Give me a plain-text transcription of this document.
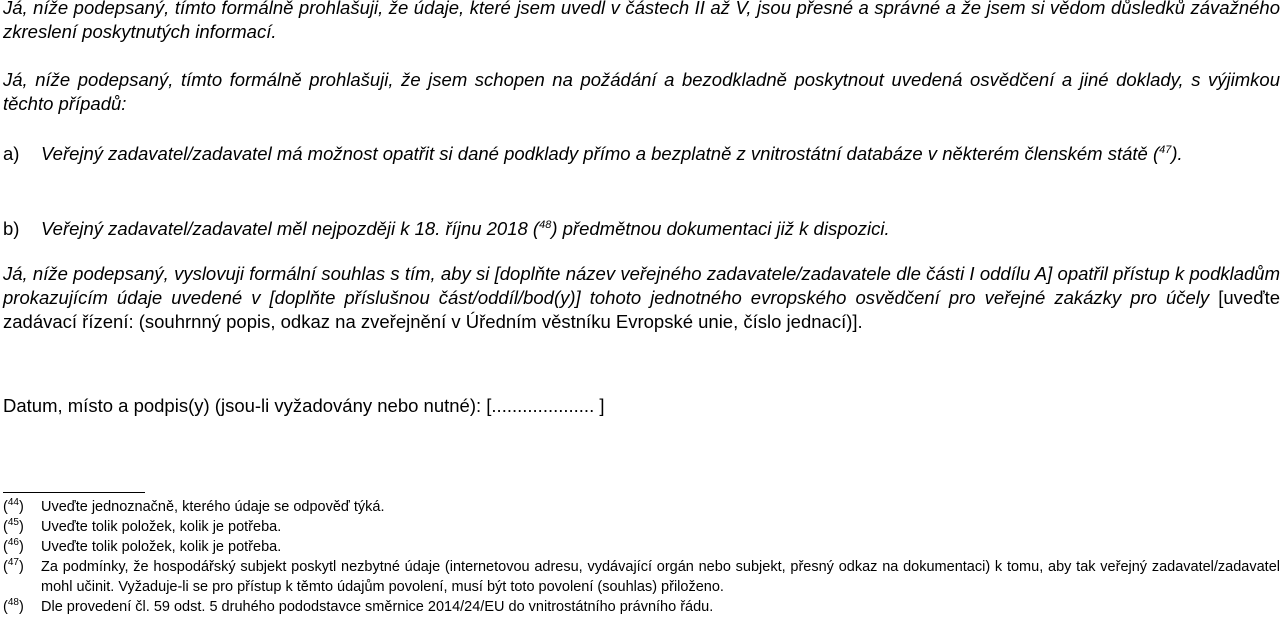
Já, níže podepsaný, tímto formálně prohlašuji, že údaje, které jsem uvedl v částech II až V, jsou přesné a správné a že jsem si vědom důsledků závažného zkreslení poskytnutých informací.

Já, níže podepsaný, tímto formálně prohlašuji, že jsem schopen na požádání a bezodkladně poskytnout uvedená osvědčení a jiné doklady, s výjimkou těchto případů:

a)	Veřejný zadavatel/zadavatel má možnost opatřit si dané podklady přímo a bezplatně z vnitrostátní databáze v některém členském státě ($^{47}$).
b)	Veřejný zadavatel/zadavatel měl nejpozději k 18. říjnu 2018 ($^{48}$) předmětnou dokumentaci již k dispozici.

Já, níže podepsaný, vyslovuji formální souhlas s tím, aby si [doplňte název veřejného zadavatele/zadavatele dle části I oddílu A] opatřil přístup k podkladům prokazujícím údaje uvedené v [doplňte příslušnou část/oddíl/bod(y)] tohoto jednotného evropského osvědčení pro veřejné zakázky pro účely [uveďte zadávací řízení: (souhrnný popis, odkaz na zveřejnění v Úředním věstníku Evropské unie, číslo jednací)].

Datum, místo a podpis(y) (jsou-li vyžadovány nebo nutné): [.................... ]

($^{44}$)	Uveďte jednoznačně, kterého údaje se odpověď týká.
($^{45}$)	Uveďte tolik položek, kolik je potřeba.
($^{46}$)	Uveďte tolik položek, kolik je potřeba.
($^{47}$)	Za podmínky, že hospodářský subjekt poskytl nezbytné údaje (internetovou adresu, vydávající orgán nebo subjekt, přesný odkaz na dokumentaci) k tomu, aby tak veřejný zadavatel/zadavatel mohl učinit. Vyžaduje-li se pro přístup k těmto údajům povolení, musí být toto povolení (souhlas) přiloženo.
($^{48}$)	Dle provedení čl. 59 odst. 5 druhého pododstavce směrnice 2014/24/EU do vnitrostátního právního řádu.
